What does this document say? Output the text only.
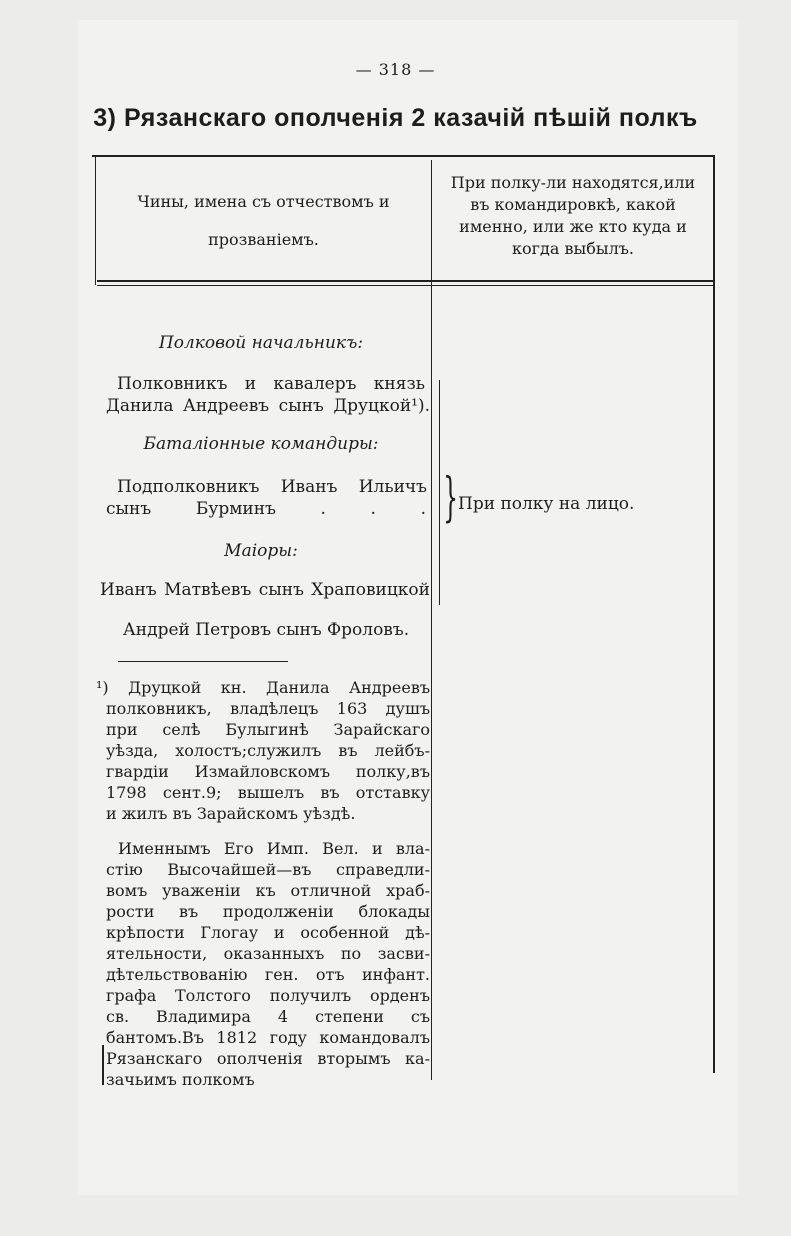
— 318 —
3) Рязанскаго ополченія 2 казачій пѣшій полкъ
Чины, имена съ отчествомъ и
прозваніемъ.
При полку-ли находятся,или
въ командировкѣ, какой
именно, или же кто куда и
когда выбылъ.
Полковой начальникъ:
Полковникъ и кавалеръ князь
Данила Андреевъ сынъ Друцкой¹).
Баталіонные командиры:
Подполковникъ Иванъ Ильичъ
сынъ Бурминъ . . .
Маіоры:
Иванъ Матвѣевъ сынъ Храповицкой
Андрей Петровъ сынъ Фроловъ.
} При полку на лицо.
¹) Друцкой кн. Данила Андреевъ
полковникъ, владѣлецъ 163 душъ
при селѣ Булыгинѣ Зарайскаго
уѣзда, холостъ;служилъ въ лейбъ-
гвардіи Измайловскомъ полку,въ
1798 сент.9; вышелъ въ отставку
и жилъ въ Зарайскомъ уѣздѣ.
Именнымъ Его Имп. Вел. и вла-
стію Высочайшей—въ справедли-
вомъ уваженіи къ отличной храб-
рости въ продолженіи блокады
крѣпости Глогау и особенной дѣ-
ятельности, оказанныхъ по засви-
дѣтельствованію ген. отъ инфант.
графа Толстого получилъ орденъ
св. Владимира 4 степени съ
бантомъ.Въ 1812 году командовалъ
Рязанскаго ополченія вторымъ ка-
зачьимъ полкомъ
